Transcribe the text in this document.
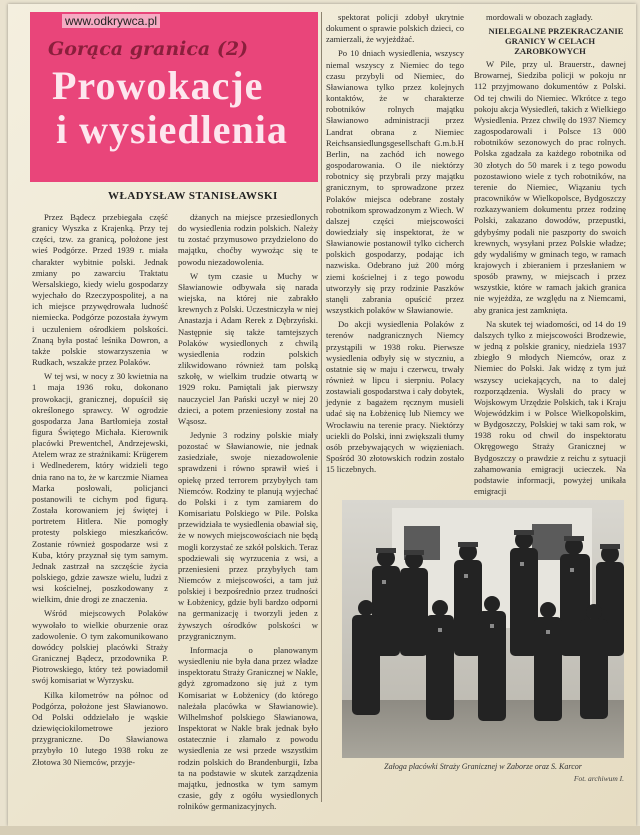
www.odkrywca.pl
Gorąca granica (2)
Prowokacje
i wysiedlenia
WŁADYSŁAW STANISŁAWSKI

Przez Bądecz przebiegała część granicy Wyszka z Krajenką. Przy tej części, tzw. za granicą, położone jest wieś Podgórze. Przed 1939 r. miała charakter wybitnie polski. Jednak zmiany po zawarciu Traktatu Wersalskiego, kiedy wielu gospodarzy wyjechało do Rzeczypospolitej, a na ich miejsce przywędrowała ludność niemiecka. Podgórze pozostała żywym i uczuleniem ośrodkiem polskości. Znaną była postać leśnika Dowron, a także polskie stowarzyszenia w Rudkach, wszakże przez Polaków.

W tej wsi, w nocy z 30 kwietnia na 1 maja 1936 roku, dokonano prowokacji, granicznej, dopuścił się określonego sprawcy. W ogrodzie gospodarza Jana Bartłomieja został figura Świętego Michała. Kierownik placówki Prewentchel, Andrzejewski, Atelem wraz ze strażnikami: Krügerem i Wedlnederem, który widzieli tego dnia rano na to, że w karczmie Niamea Marka posłowali, policjanci postanowili te cichym pod figurą. Została korowaniem jej świętej i portretem Hitlera. Nie pomogły protesty polskiego mieszkańców. Zostanie również gospodarze wsi z Kuba, który przyznał się tym samym. Jednak zastrzał na szczęście życia polskiego, gdzie zawsze wielu, ludzi z wsi kościelnej, poszkodowany z wielkim, dnie drogi ze znaczenia.

Wśród miejscowych Polaków wywołało to wielkie oburzenie oraz zadowolenie. O tym zakomunikowano dowódcy polskiej placówki Straży Granicznej Bądecz, przodownika P. Piotrowskiego, który też powiadomił swój komisariat w Wyrzysku.

Kilka kilometrów na północ od Podgórza, położone jest Sławianowo. Od Polski oddzielało je wąskie dziewięciokilometrowe jezioro przygraniczne. Do Sławianowa przybyło 10 lutego 1938 roku ze Złotowa 30 Niemców, przyje-

dżanych na miejsce przesiedlonych do wysiedlenia rodzin polskich. Należy tu zostać przymusowo przydzielono do majątku, choćby wywożąc się te powodu niezadowolenia.

W tym czasie u Muchy w Sławianowie odbywała się narada wiejska, na której nie zabrakło krewnych z Polski. Uczestniczyła w niej Anastazja i Adam Rerek z Dębrzyński. Następnie się także tamtejszych Polaków wysiedlonych z chwilą wysiedlenia rodzin polskich zlikwidowano również tam polską szkołę, w wielkim trudzie otwartą w 1929 roku. Pamiętali jak pierwszy nauczyciel Jan Pański uczył w niej 20 dzieci, a potem przeniesiony został na Wąsosz.

Jedynie 3 rodziny polskie miały pozostać w Sławianowie, nie jednak zasiedziałe, swoje niezadowolenie sprawdzeni i równo sprawił wieś i opiekę przed terrorem przybyłych tam Niemców. Rodziny te planują wyjechać do Polski i z tym zamiarem do Komisariatu Polskiego w Pile. Polska przewidziała te wysiedlenia obawiał się, że w nowych miejscowościach nie będą mogli korzystać ze szkół polskich. Teraz spodziewali się wyrzucenia z wsi, a przeniesieni przez przybyłych tam Niemców z miejscowości, a tam już polskiej i bezpośrednio przez trudności w Łobżenicy, gdzie byli bardzo odporni na germanizację i tworzyli jeden z żywszych ośrodków polskości w przygranicznym.

Informacja o planowanym wysiedleniu nie była dana przez władze inspektoratu Straży Granicznej w Nakle, gdyż zgromadzono się już z tym Komisariat w Łobżenicy (do którego należała placówka w Sławianowie). Wilhelmshof polskiego Sławianowa, Inspektorat w Nakle brak jednak było ostatecznie i złamało z powodu wysiedlenia ze wsi przede wszystkim rodzin polskich do Brandenburgii, Izba ta na podstawie w skutek zarządzenia majątku, jednostka w tym samym czasie, gdy z ogółu wysiedlonych rolników germanizacyjnych.

spektorat policji zdobył ukrytnie dokument o sprawie polskich dzieci, co zamierzali, że wyjeżdżać.

Po 10 dniach wysiedlenia, wszyscy niemal wszyscy z Niemiec do tego czasu przybyli od Niemiec, do Sławianowa tylko przez kolejnych kontaktów, że w charakterze robotników rolnych majątku Sławianowo administracji przez Landrat obrana z Niemiec Reichsansiedlungsgesellschaft G.m.b.H Berlin, na zachód ich nowego gospodarowania. O ile niektórzy robotnicy się przybrali przy majątku granicznym, to sprowadzone przez Polaków miejsca odebrane zostały robotnikom sprowadzonym z Wiech. W dalszej części miejscowości dowiedziały się inspektorat, że w Sławianowie postanowił tylko cicherch polskich gospodarzy, podając ich nazwiska. Odebrano już 200 mórg ziemi kościelnej i z tego powodu utworzyły się przy rodzinie Paszków stanęli zabrania opuścić przez wszystkich polaków w Sławianowie.

Do akcji wysiedlenia Polaków z terenów nadgranicznych Niemcy przystąpili w 1938 roku. Pierwsze wysiedlenia odbyły się w styczniu, a ostatnie się w maju i czerwcu, trwały również w lipcu i sierpniu. Polacy zostawiali gospodarstwa i cały dobytek, jedynie z bagażem ręcznym musieli udać się na Łobżenicę lub Niemcy we Wrocławiu na terenie pracy. Niektórzy uciekli do Polski, inni zwiększali tłumy osób przebywających w więzieniach. Spośród 30 złotowskich rodzin zostało 15 liczebnych.

mordowali w obozach zagłady.

NIELEGALNE PRZEKRACZANIE GRANICY W CELACH ZAROBKOWYCH

W Pile, przy ul. Brauerstr., dawnej Browarnej, Siedziba policji w pokoju nr 112 przyjmowano dokumentów z Polski. Od tej chwili do Niemiec. Wkrótce z tego pokoju akcja Wysiedleń, takich z Wielkiego Wysiedlenia. Przez chwilę do 1937 Niemcy zagospodarowali i Polsce 13 000 robotników sezonowych do prac rolnych. Polska zgadzała za każdego robotnika od 30 złotych do 50 marek i z tego powodu pozostawiono wiele z tych robotników, na terenie do Niemiec, Wiązaniu tych pracowników w Wielkopolsce, Bydgoszczy rozkazywaniem dokumentu przez rodzinę Polski, zakazano dowodów, przepustki, gdybyśmy podali nie paszporty do swoich krewnych, wysyłani przez Polskie władze; gdy wydaliśmy w gminach tego, w ramach krajowych i zbieraniem i przesłaniem w sposób prawny, w miejscach i przez wszystkie, które w ramach jakich granica nie wyjeżdża, ze względu na z Niemcami, aby granica jest zamknięta.

Na skutek tej wiadomości, od 14 do 19 dalszych tylko z miejscowości Brodzewie, w jedną z polskie granicy, niedziela 1937 zbiegło 9 młodych Niemców, oraz z Niemiec do Polski. Jak widzę z tym już wszyscy uciekających, na to dalej rozporządzenia. Wysłali do pracy w Wojskowym Urzędzie Polskich, tak i Kraju Wojewódzkim i w Polsce Wielkopolskim, w Bydgoszczy, Polskiej w taki sam rok, w 1938 roku od chwil do inspektoratu Okręgowego Straży Granicznej w Bydgoszczy o prawdzie z reichu z sytuacji zahamowania emigracji ucieczek. Na podstawie informacji, powyżej unikała emigracji

Załoga placówki Straży Granicznej w Zaborze oraz S. Karcor
Fot. archiwum I.
